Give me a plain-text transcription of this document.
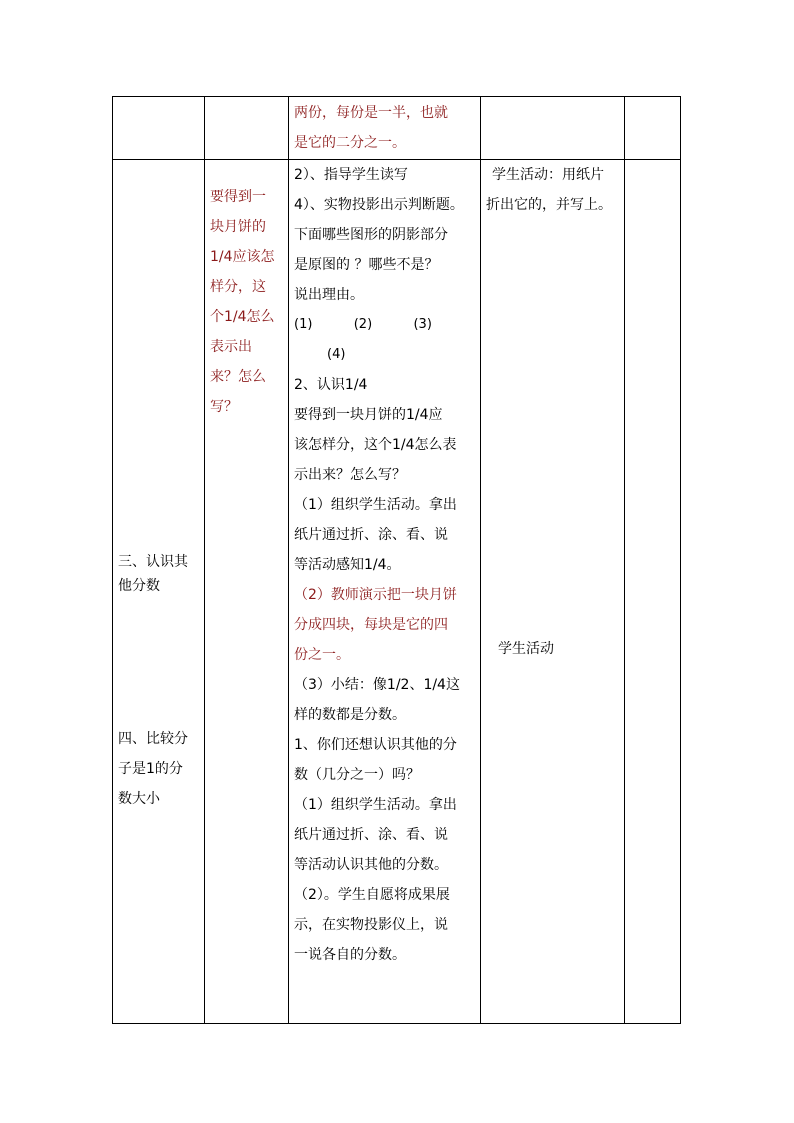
两份，每份是一半，也就
是它的二分之一。
三、认识其
他分数
四、比较分
子是1的分
数大小
要得到一
块月饼的
1/4应该怎
样分，这
个1/4怎么
表示出
来？怎么
写？
2）、指导学生读写
4）、实物投影出示判断题。
下面哪些图形的阴影部分
是原图的 ？哪些不是？
说出理由。
(1)          (2)          (3)
(4)
2、认识1/4
要得到一块月饼的1/4应
该怎样分，这个1/4怎么表
示出来？怎么写？
（1）组织学生活动。拿出
纸片通过折、涂、看、说
等活动感知1/4。
（2）教师演示把一块月饼
分成四块，每块是它的四
份之一。
（3）小结：像1/2、1/4这
样的数都是分数。
1、你们还想认识其他的分
数（几分之一）吗？
（1）组织学生活动。拿出
纸片通过折、涂、看、说
等活动认识其他的分数。
（2）。学生自愿将成果展
示，在实物投影仪上，说
一说各自的分数。
学生活动：用纸片
折出它的，并写上。
学生活动
